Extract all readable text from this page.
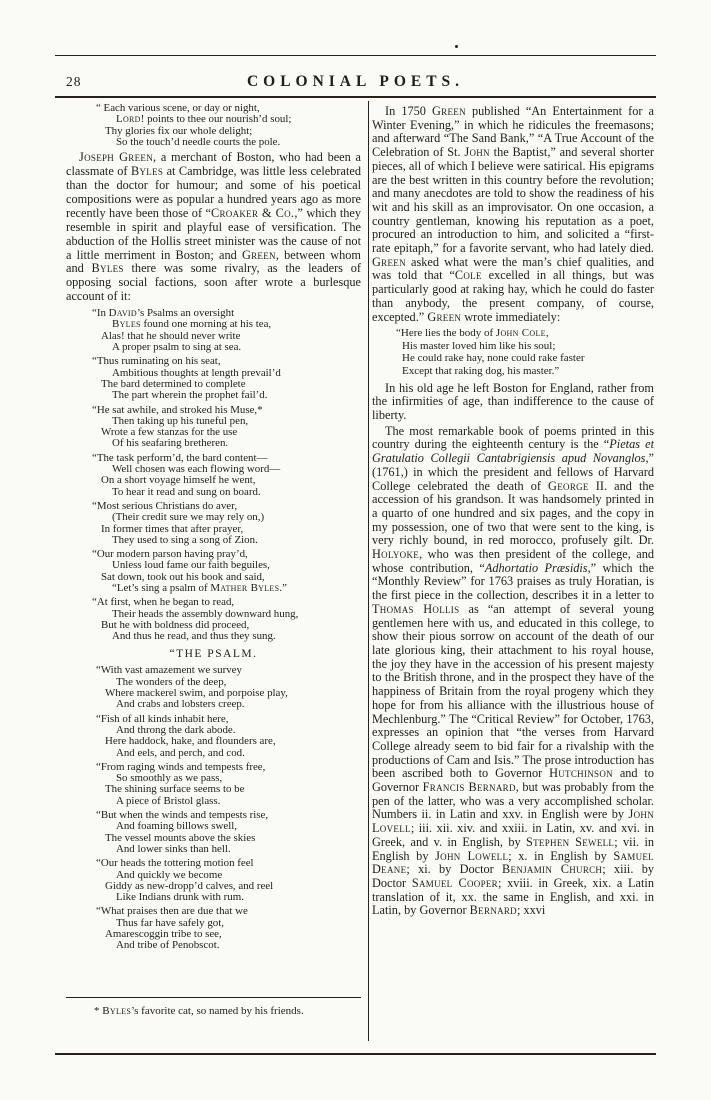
28	COLONIAL POETS.
“ Each various scene, or day or night,
Lord! points to thee our nourish’d soul;
Thy glories fix our whole delight;
So the touch’d needle courts the pole.

Joseph Green, a merchant of Boston, who had been a classmate of Byles at Cambridge, was little less celebrated than the doctor for humour; and some of his poetical compositions were as popular a hundred years ago as more recently have been those of “Croaker & Co.,” which they resemble in spirit and playful ease of versification. The abduction of the Hollis street minister was the cause of not a little merriment in Boston; and Green, between whom and Byles there was some rivalry, as the leaders of opposing social factions, soon after wrote a burlesque account of it:

“In David’s Psalms an oversight
Byles found one morning at his tea,
Alas! that he should never write
A proper psalm to sing at sea.
“Thus ruminating on his seat,
Ambitious thoughts at length prevail’d
The bard determined to complete
The part wherein the prophet fail’d.
“He sat awhile, and stroked his Muse,*
Then taking up his tuneful pen,
Wrote a few stanzas for the use
Of his seafaring bretheren.
“The task perform’d, the bard content—
Well chosen was each flowing word—
On a short voyage himself he went,
To hear it read and sung on board.
“Most serious Christians do aver,
(Their credit sure we may rely on,)
In former times that after prayer,
They used to sing a song of Zion.
“Our modern parson having pray’d,
Unless loud fame our faith beguiles,
Sat down, took out his book and said,
“Let’s sing a psalm of Mather Byles.”
“At first, when he began to read,
Their heads the assembly downward hung,
But he with boldness did proceed,
And thus he read, and thus they sung.
“THE PSALM.
“With vast amazement we survey
The wonders of the deep,
Where mackerel swim, and porpoise play,
And crabs and lobsters creep.
“Fish of all kinds inhabit here,
And throng the dark abode.
Here haddock, hake, and flounders are,
And eels, and perch, and cod.
“From raging winds and tempests free,
So smoothly as we pass,
The shining surface seems to be
A piece of Bristol glass.
“But when the winds and tempests rise,
And foaming billows swell,
The vessel mounts above the skies
And lower sinks than hell.
“Our heads the tottering motion feel
And quickly we become
Giddy as new-dropp’d calves, and reel
Like Indians drunk with rum.
“What praises then are due that we
Thus far have safely got,
Amarescoggin tribe to see,
And tribe of Penobscot.
* Byles’s favorite cat, so named by his friends.

In 1750 Green published “An Entertainment for a Winter Evening,” in which he ridicules the freemasons; and afterward “The Sand Bank,” “A True Account of the Celebration of St. John the Baptist,” and several shorter pieces, all of which I believe were satirical. His epigrams are the best written in this country before the revolution; and many anecdotes are told to show the readiness of his wit and his skill as an improvisator. On one occasion, a country gentleman, knowing his reputation as a poet, procured an introduction to him, and solicited a “first-rate epitaph,” for a favorite servant, who had lately died. Green asked what were the man’s chief qualities, and was told that “Cole excelled in all things, but was particularly good at raking hay, which he could do faster than anybody, the present company, of course, excepted.” Green wrote immediately:

“Here lies the body of John Cole,
His master loved him like his soul;
He could rake hay, none could rake faster
Except that raking dog, his master.”

In his old age he left Boston for England, rather from the infirmities of age, than indifference to the cause of liberty.

The most remarkable book of poems printed in this country during the eighteenth century is the “Pietas et Gratulatio Collegii Cantabrigiensis apud Novanglos,” (1761,) in which the president and fellows of Harvard College celebrated the death of George II. and the accession of his grandson. It was handsomely printed in a quarto of one hundred and six pages, and the copy in my possession, one of two that were sent to the king, is very richly bound, in red morocco, profusely gilt. Dr. Holyoke, who was then president of the college, and whose contribution, “Adhortatio Præsidis,” which the “Monthly Review” for 1763 praises as truly Horatian, is the first piece in the collection, describes it in a letter to Thomas Hollis as “an attempt of several young gentlemen here with us, and educated in this college, to show their pious sorrow on account of the death of our late glorious king, their attachment to his royal house, the joy they have in the accession of his present majesty to the British throne, and in the prospect they have of the happiness of Britain from the royal progeny which they hope for from his alliance with the illustrious house of Mechlenburg.” The “Critical Review” for October, 1763, expresses an opinion that “the verses from Harvard College already seem to bid fair for a rivalship with the productions of Cam and Isis.” The prose introduction has been ascribed both to Governor Hutchinson and to Governor Francis Bernard, but was probably from the pen of the latter, who was a very accomplished scholar. Numbers ii. in Latin and xxv. in English were by John Lovell; iii. xii. xiv. and xxiii. in Latin, xv. and xvi. in Greek, and v. in English, by Stephen Sewell; vii. in English by John Lowell; x. in English by Samuel Deane; xi. by Doctor Benjamin Church; xiii. by Doctor Samuel Cooper; xviii. in Greek, xix. a Latin translation of it, xx. the same in English, and xxi. in Latin, by Governor Bernard; xxvi
